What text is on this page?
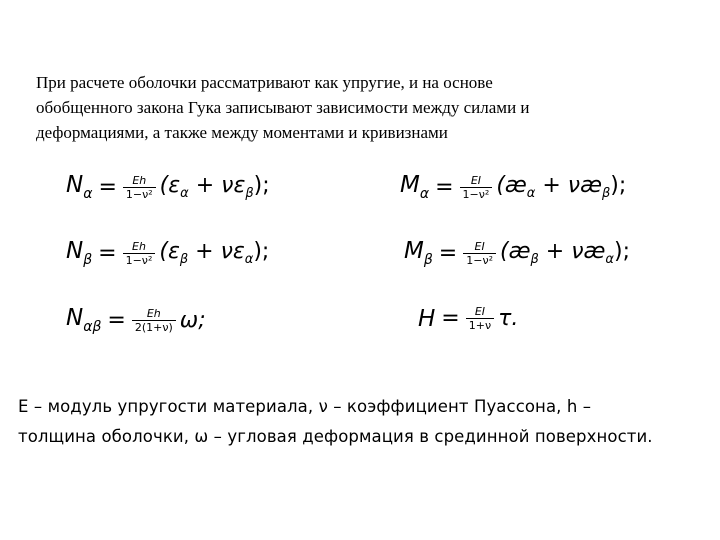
При расчете оболочки рассматривают как упругие, и на основе
обобщенного закона Гука записывают зависимости между силами и
деформациями, а также между моментами и кривизнами
$N_\alpha = \frac{Eh}{\text{1−ν²}} (\varepsilon_\alpha + \nu\varepsilon_\beta)$;	$M_\alpha = \frac{EI}{\text{1−ν²}}$ ($æ_\alpha$ + $\nu æ_\beta$);
$N_\beta = \frac{Eh}{\text{1−ν²}} (\varepsilon_\beta + \nu\varepsilon_\alpha)$;	$M_\beta = \frac{EI}{\text{1−ν²}}$ ($æ_\beta$ + $\nu æ_\alpha$);
$N_{\alpha\beta} = \frac{Eh}{2(1+\nu)} \omega$;	$H = \frac{EI}{1+\nu} \tau$.
E – модуль упругости материала, ν – коэффициент Пуассона, h –
толщина оболочки, ω – угловая деформация в срединной поверхности.
